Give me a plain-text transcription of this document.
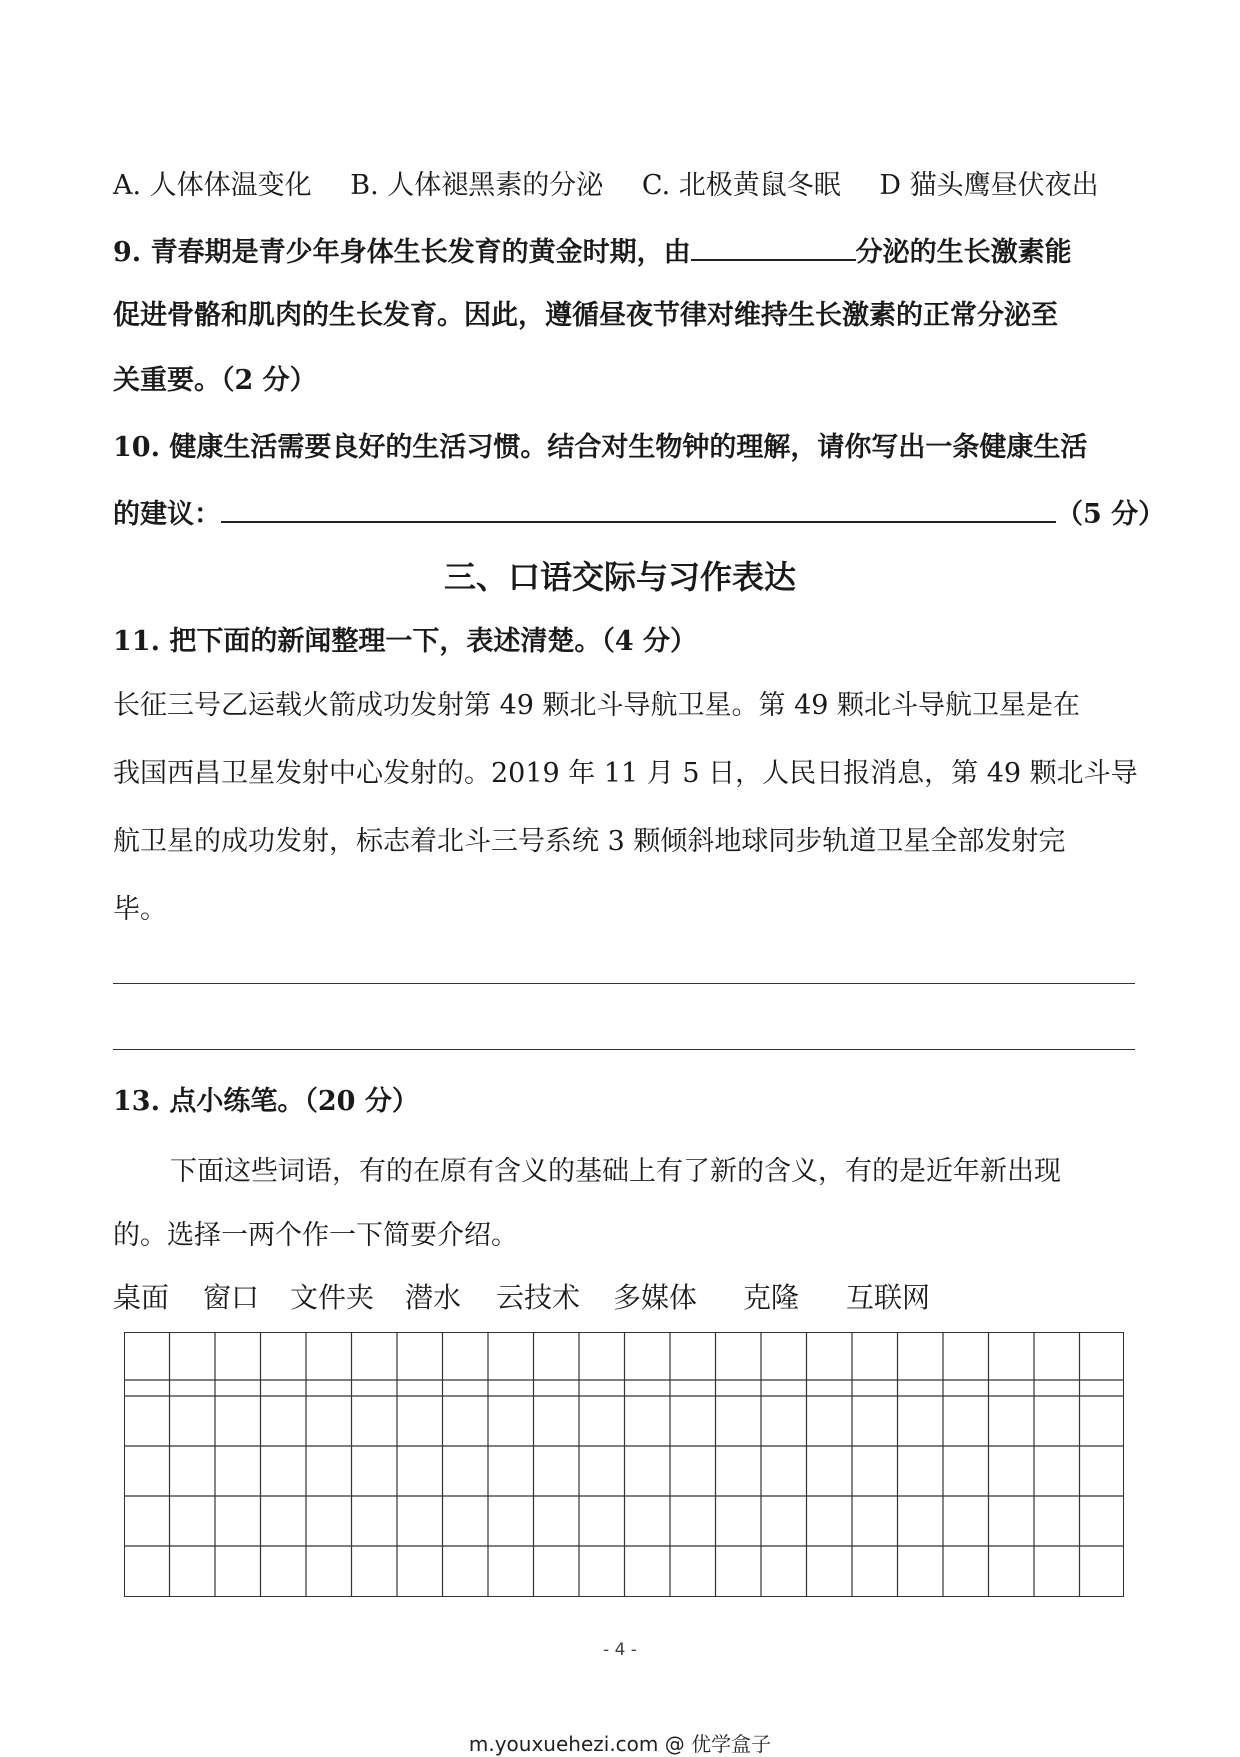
A. 人体体温变化 B. 人体褪黑素的分泌 C. 北极黄鼠冬眠 D 猫头鹰昼伏夜出
9. 青春期是青少年身体生长发育的黄金时期，由	分泌的生长激素能
促进骨骼和肌肉的生长发育。因此，遵循昼夜节律对维持生长激素的正常分泌至
关重要。（2 分）
10. 健康生活需要良好的生活习惯。结合对生物钟的理解，请你写出一条健康生活
的建议：	（5 分）
三、口语交际与习作表达
11. 把下面的新闻整理一下，表述清楚。（4 分）
长征三号乙运载火箭成功发射第 49 颗北斗导航卫星。第 49 颗北斗导航卫星是在
我国西昌卫星发射中心发射的。2019 年 11 月 5 日，人民日报消息，第 49 颗北斗导
航卫星的成功发射，标志着北斗三号系统 3 颗倾斜地球同步轨道卫星全部发射完
毕。
13. 点小练笔。（20 分）
下面这些词语，有的在原有含义的基础上有了新的含义，有的是近年新出现
的。选择一两个作一下简要介绍。
桌面 窗口 文件夹 潜水 云技术 多媒体 克隆 互联网
- 4 -
m.youxuehezi.com @ 优学盒子
